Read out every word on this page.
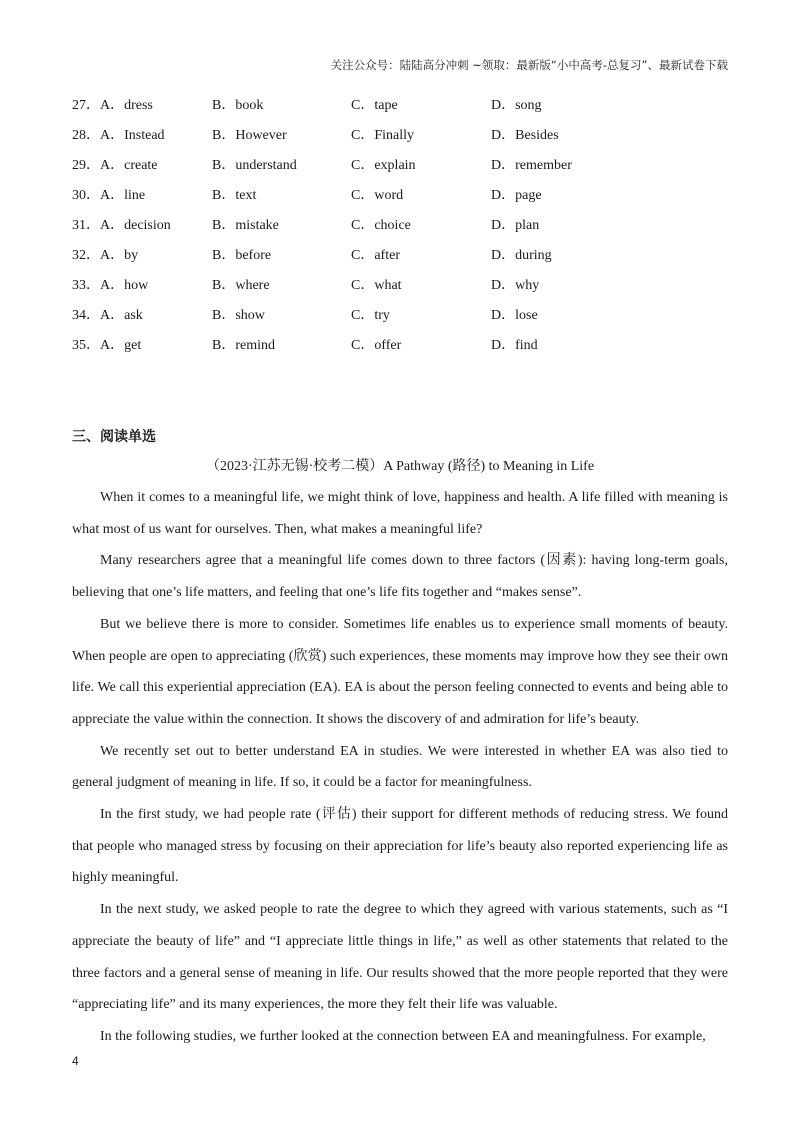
关注公众号：陆陆高分冲刺 ~领取：最新版“小中高考-总复习”、最新试卷下载
27．A．dress	B．book	C．tape	D．song
28．A．Instead	B．However	C．Finally	D．Besides
29．A．create	B．understand	C．explain	D．remember
30．A．line	B．text	C．word	D．page
31．A．decision	B．mistake	C．choice	D．plan
32．A．by	B．before	C．after	D．during
33．A．how	B．where	C．what	D．why
34．A．ask	B．show	C．try	D．lose
35．A．get	B．remind	C．offer	D．find
三、阅读单选
（2023·江苏无锡·校考二模）A Pathway (路径) to Meaning in Life

When it comes to a meaningful life, we might think of love, happiness and health. A life filled with meaning is what most of us want for ourselves. Then, what makes a meaningful life?

Many researchers agree that a meaningful life comes down to three factors (因素): having long-term goals, believing that one’s life matters, and feeling that one’s life fits together and “makes sense”.

But we believe there is more to consider. Sometimes life enables us to experience small moments of beauty. When people are open to appreciating (欣赏) such experiences, these moments may improve how they see their own life. We call this experiential appreciation (EA). EA is about the person feeling connected to events and being able to appreciate the value within the connection. It shows the discovery of and admiration for life’s beauty.

We recently set out to better understand EA in studies. We were interested in whether EA was also tied to general judgment of meaning in life. If so, it could be a factor for meaningfulness.

In the first study, we had people rate (评估) their support for different methods of reducing stress. We found that people who managed stress by focusing on their appreciation for life’s beauty also reported experiencing life as highly meaningful.

In the next study, we asked people to rate the degree to which they agreed with various statements, such as “I appreciate the beauty of life” and “I appreciate little things in life,” as well as other statements that related to the three factors and a general sense of meaning in life. Our results showed that the more people reported that they were “appreciating life” and its many experiences, the more they felt their life was valuable.

In the following studies, we further looked at the connection between EA and meaningfulness. For example,

4
